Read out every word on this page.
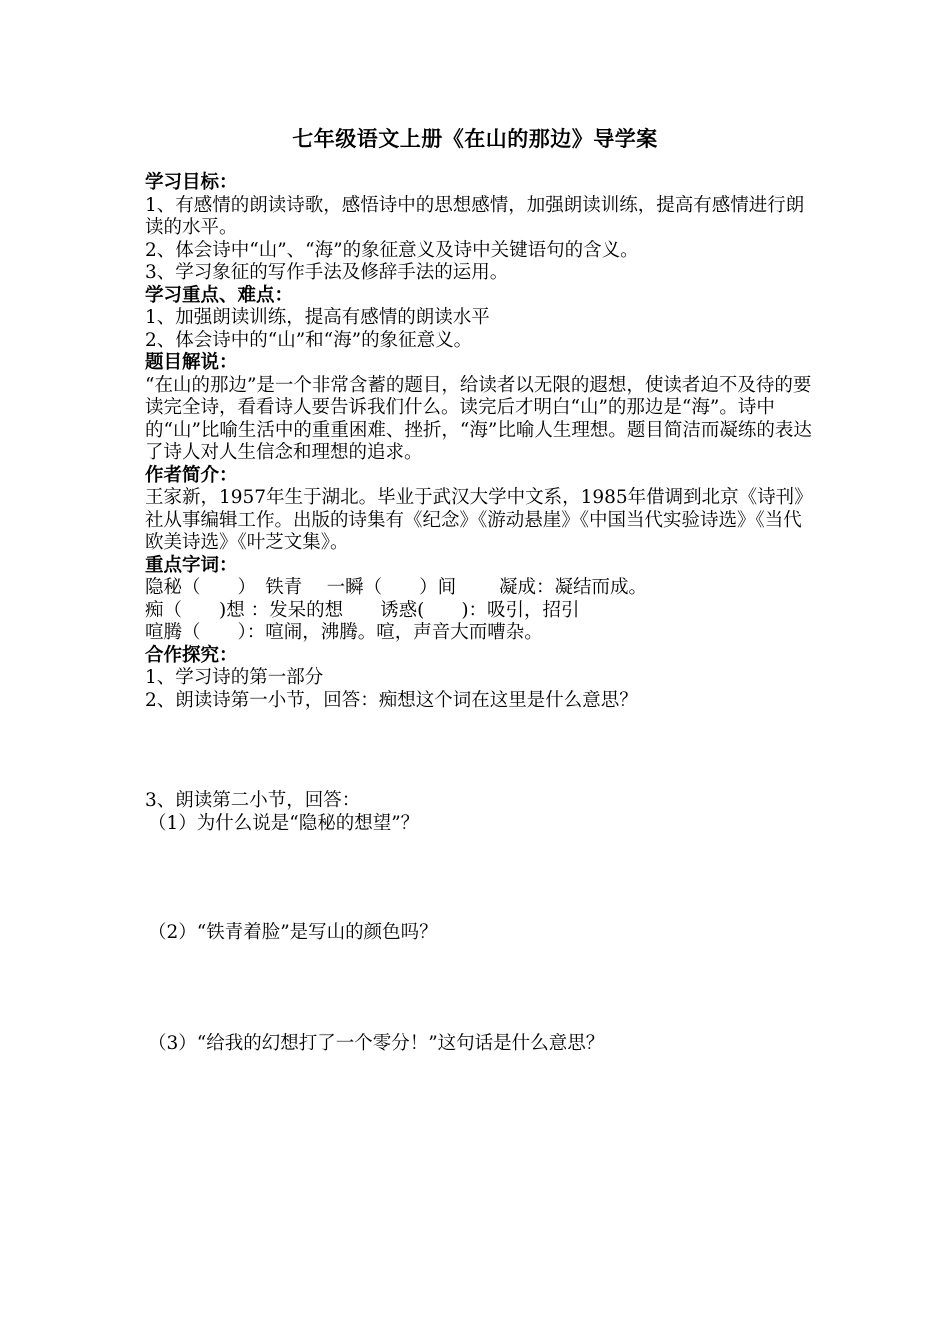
七年级语文上册《在山的那边》导学案

学习目标：

1、有感情的朗读诗歌，感悟诗中的思想感情，加强朗读训练，提高有感情进行朗读的水平。

2、体会诗中“山”、“海”的象征意义及诗中关键语句的含义。

3、学习象征的写作手法及修辞手法的运用。

学习重点、难点：

1、加强朗读训练，提高有感情的朗读水平

2、体会诗中的“山”和“海”的象征意义。

题目解说：

“在山的那边”是一个非常含蓄的题目，给读者以无限的遐想，使读者迫不及待的要读完全诗，看看诗人要告诉我们什么。读完后才明白“山”的那边是“海”。诗中的“山”比喻生活中的重重困难、挫折，“海”比喻人生理想。题目简洁而凝练的表达了诗人对人生信念和理想的追求。

作者简介：

王家新，1957年生于湖北。毕业于武汉大学中文系，1985年借调到北京《诗刊》社从事编辑工作。出版的诗集有《纪念》《游动悬崖》《中国当代实验诗选》《当代欧美诗选》《叶芝文集》。

重点字词：

隐秘（　　）　铁青　 一瞬（　　）间　　 凝成：凝结而成。

痴（　　)想 ：发呆的想　　诱惑(　　)：吸引，招引

喧腾（　　）：喧闹，沸腾。喧，声音大而嘈杂。

合作探究：

1、学习诗的第一部分

2、朗读诗第一小节，回答：痴想这个词在这里是什么意思？

3、朗读第二小节，回答：

（1）为什么说是“隐秘的想望”？

（2）“铁青着脸”是写山的颜色吗？

（3）“给我的幻想打了一个零分！”这句话是什么意思？
